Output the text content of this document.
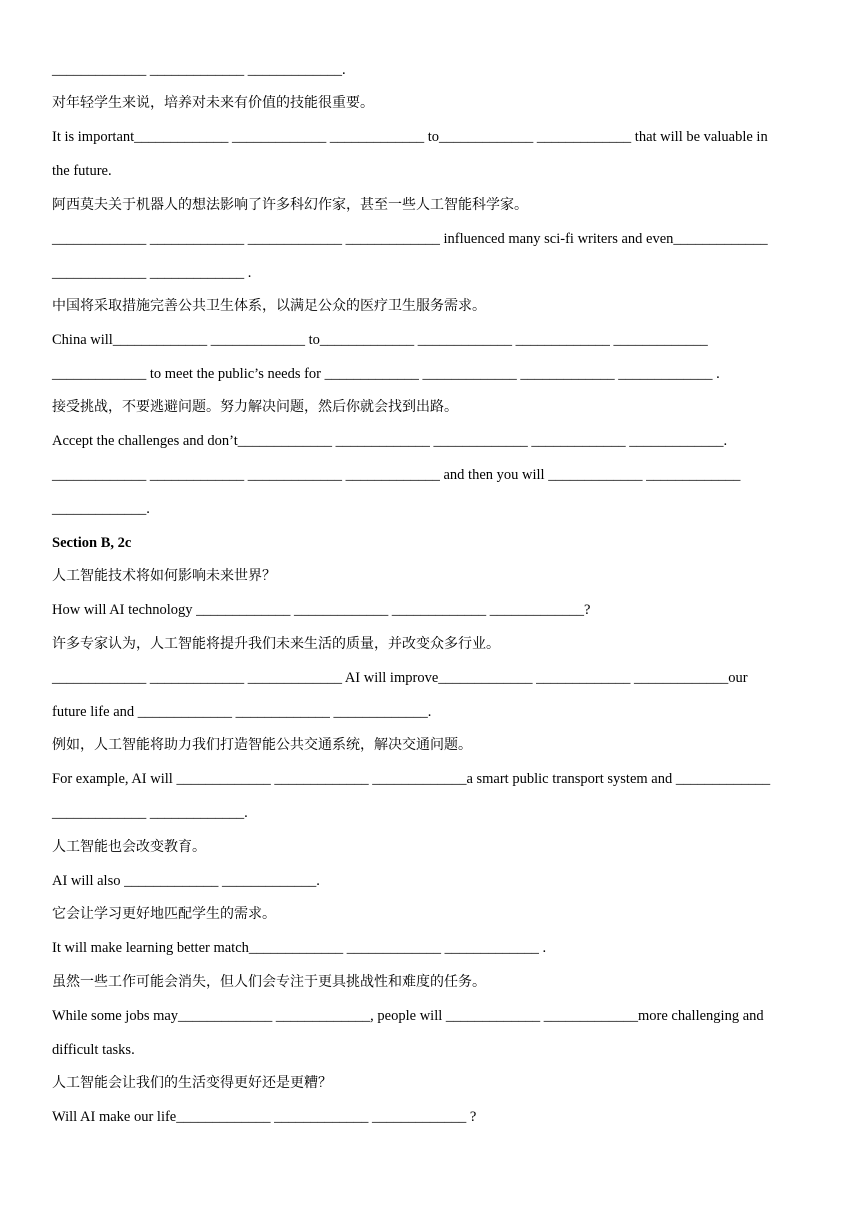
_____________ _____________ _____________.
对年轻学生来说，培养对未来有价值的技能很重要。
It is important_____________ _____________ _____________ to_____________ _____________ that will be valuable in
the future.
阿西莫夫关于机器人的想法影响了许多科幻作家，甚至一些人工智能科学家。
_____________ _____________ _____________ _____________ influenced many sci-fi writers and even_____________
_____________ _____________ .
中国将采取措施完善公共卫生体系，以满足公众的医疗卫生服务需求。
China will_____________ _____________ to_____________ _____________ _____________ _____________
_____________ to meet the public’s needs for _____________ _____________ _____________ _____________ .
接受挑战，不要逃避问题。努力解决问题，然后你就会找到出路。
Accept the challenges and don’t_____________ _____________ _____________ _____________ _____________.
_____________ _____________ _____________ _____________ and then you will _____________ _____________
_____________.
Section B, 2c
人工智能技术将如何影响未来世界？
How will AI technology _____________ _____________ _____________ _____________?
许多专家认为，人工智能将提升我们未来生活的质量，并改变众多行业。
_____________ _____________ _____________ AI will improve_____________ _____________ _____________our
future life and _____________ _____________ _____________.
例如，人工智能将助力我们打造智能公共交通系统，解决交通问题。
For example, AI will _____________ _____________ _____________a smart public transport system and _____________
_____________ _____________.
人工智能也会改变教育。
AI will also _____________ _____________.
它会让学习更好地匹配学生的需求。
It will make learning better match_____________ _____________ _____________ .
虽然一些工作可能会消失，但人们会专注于更具挑战性和难度的任务。
While some jobs may_____________ _____________, people will _____________ _____________more challenging and
difficult tasks.
人工智能会让我们的生活变得更好还是更糟？
Will AI make our life_____________ _____________ _____________ ?
